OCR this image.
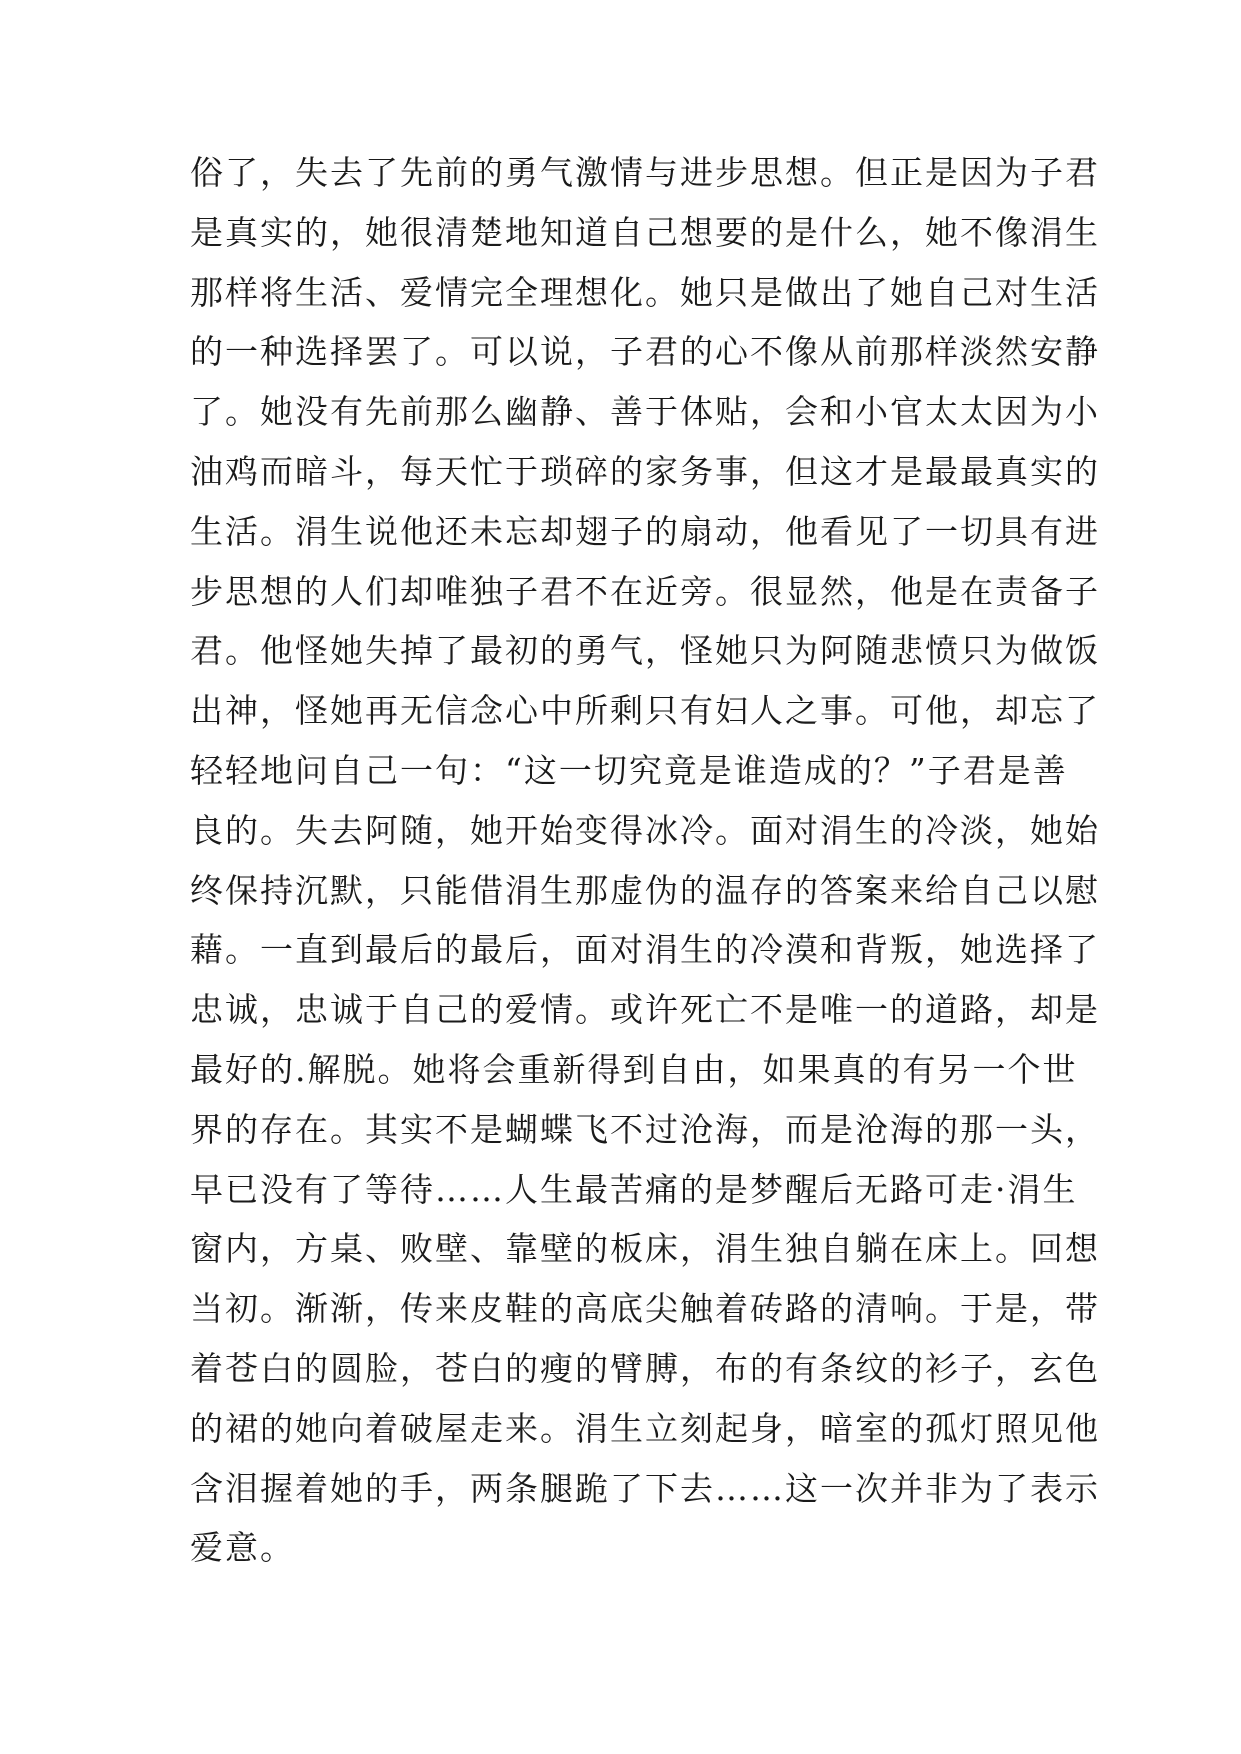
俗了，失去了先前的勇气激情与进步思想。但正是因为子君
是真实的，她很清楚地知道自己想要的是什么，她不像涓生
那样将生活、爱情完全理想化。她只是做出了她自己对生活
的一种选择罢了。可以说，子君的心不像从前那样淡然安静
了。她没有先前那么幽静、善于体贴，会和小官太太因为小
油鸡而暗斗，每天忙于琐碎的家务事，但这才是最最真实的
生活。涓生说他还未忘却翅子的扇动，他看见了一切具有进
步思想的人们却唯独子君不在近旁。很显然，他是在责备子
君。他怪她失掉了最初的勇气，怪她只为阿随悲愤只为做饭
出神，怪她再无信念心中所剩只有妇人之事。可他，却忘了
轻轻地问自己一句：“这一切究竟是谁造成的？”子君是善
良的。失去阿随，她开始变得冰冷。面对涓生的冷淡，她始
终保持沉默，只能借涓生那虚伪的温存的答案来给自己以慰
藉。一直到最后的最后，面对涓生的冷漠和背叛，她选择了
忠诚，忠诚于自己的爱情。或许死亡不是唯一的道路，却是
最好的.解脱。她将会重新得到自由，如果真的有另一个世
界的存在。其实不是蝴蝶飞不过沧海，而是沧海的那一头，
早已没有了等待……人生最苦痛的是梦醒后无路可走·涓生
窗内，方桌、败壁、靠壁的板床，涓生独自躺在床上。回想
当初。渐渐，传来皮鞋的高底尖触着砖路的清响。于是，带
着苍白的圆脸，苍白的瘦的臂膊，布的有条纹的衫子，玄色
的裙的她向着破屋走来。涓生立刻起身，暗室的孤灯照见他
含泪握着她的手，两条腿跪了下去……这一次并非为了表示
爱意。
